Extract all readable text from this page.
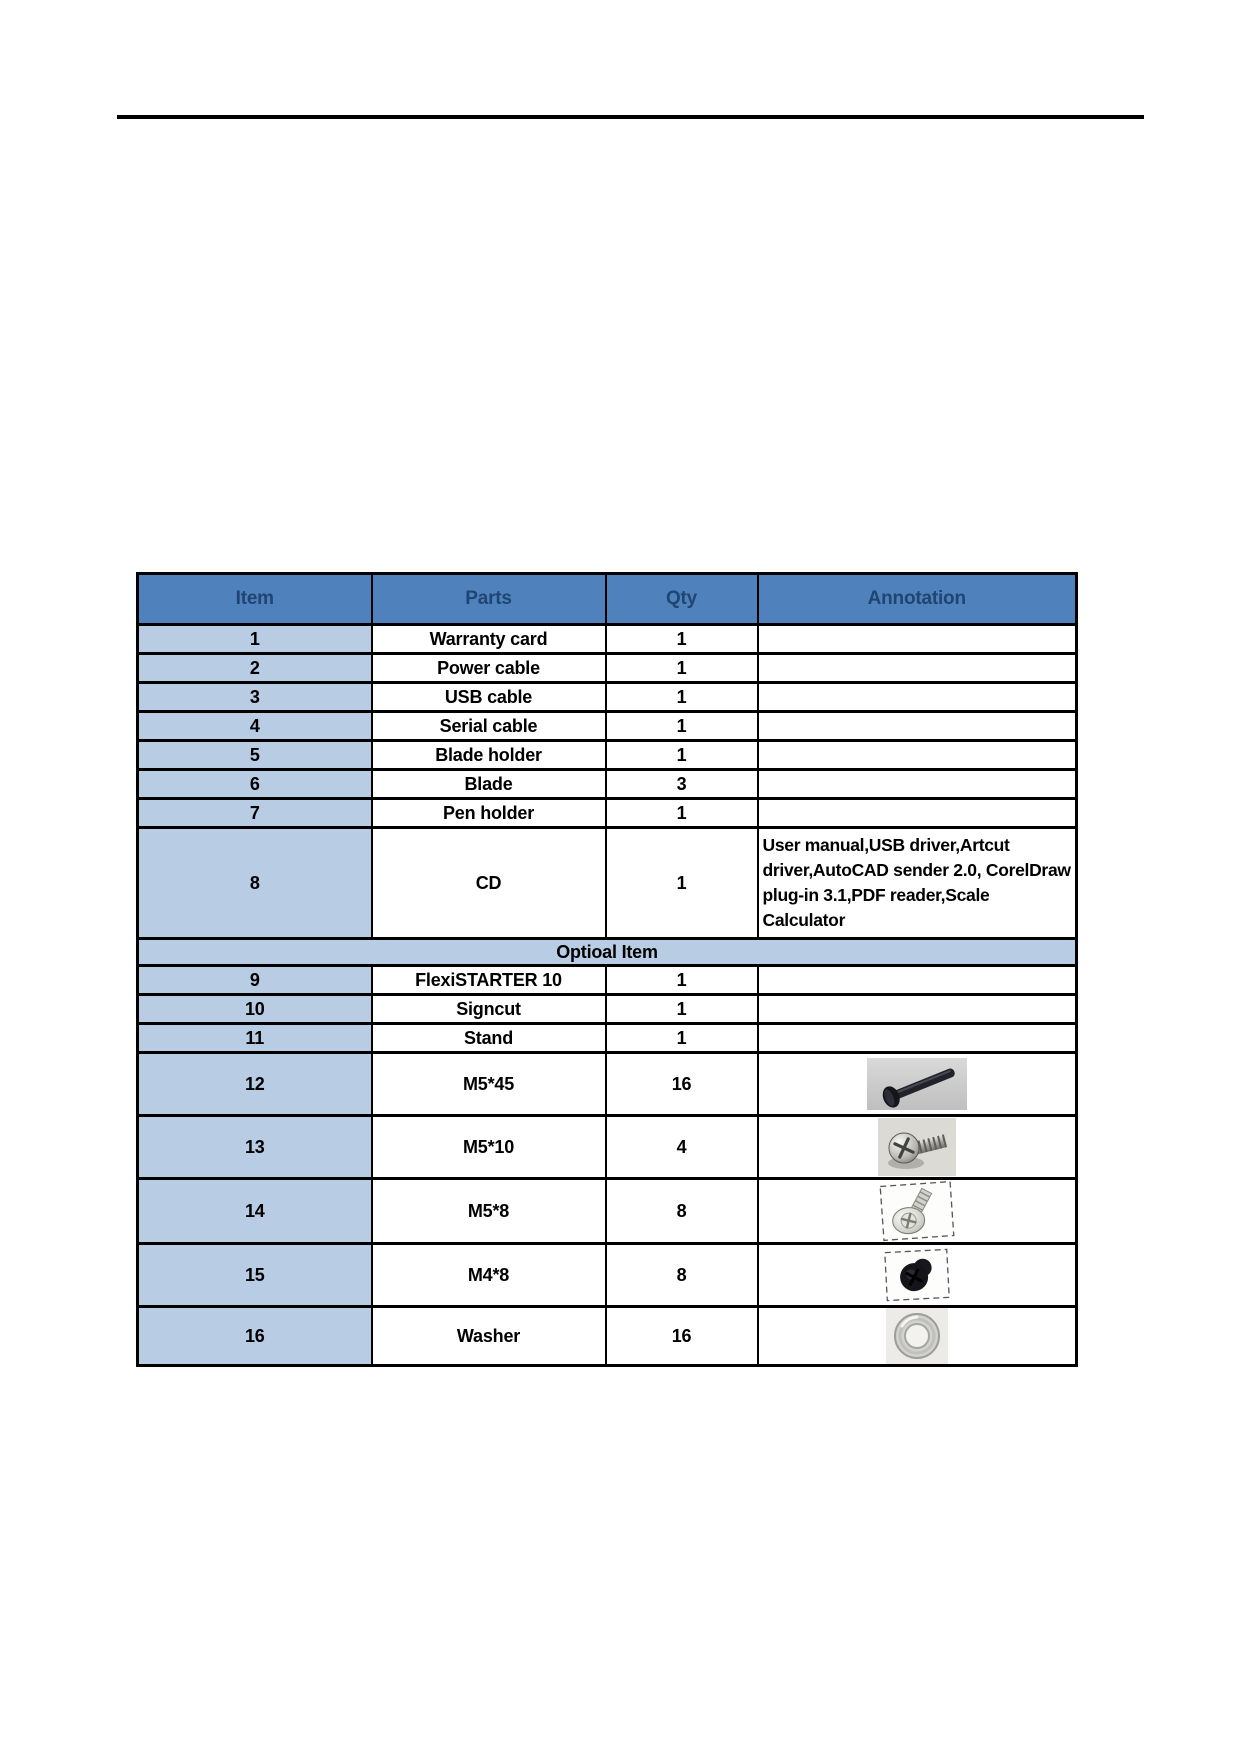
Item	Parts	Qty	Annotation
1	Warranty card	1	
2	Power cable	1	
3	USB cable	1	
4	Serial cable	1	
5	Blade holder	1	
6	Blade	3	
7	Pen holder	1	
8	CD	1	User manual,USB driver,Artcut driver,AutoCAD sender 2.0, CorelDraw plug-in 3.1,PDF reader,Scale Calculator
Optioal Item			
9	FlexiSTARTER 10	1	
10	Signcut	1	
11	Stand	1	
12	M5*45	16	

13	M5*10	4	

14	M5*8	8	

15	M4*8	8	

16	Washer	16	
